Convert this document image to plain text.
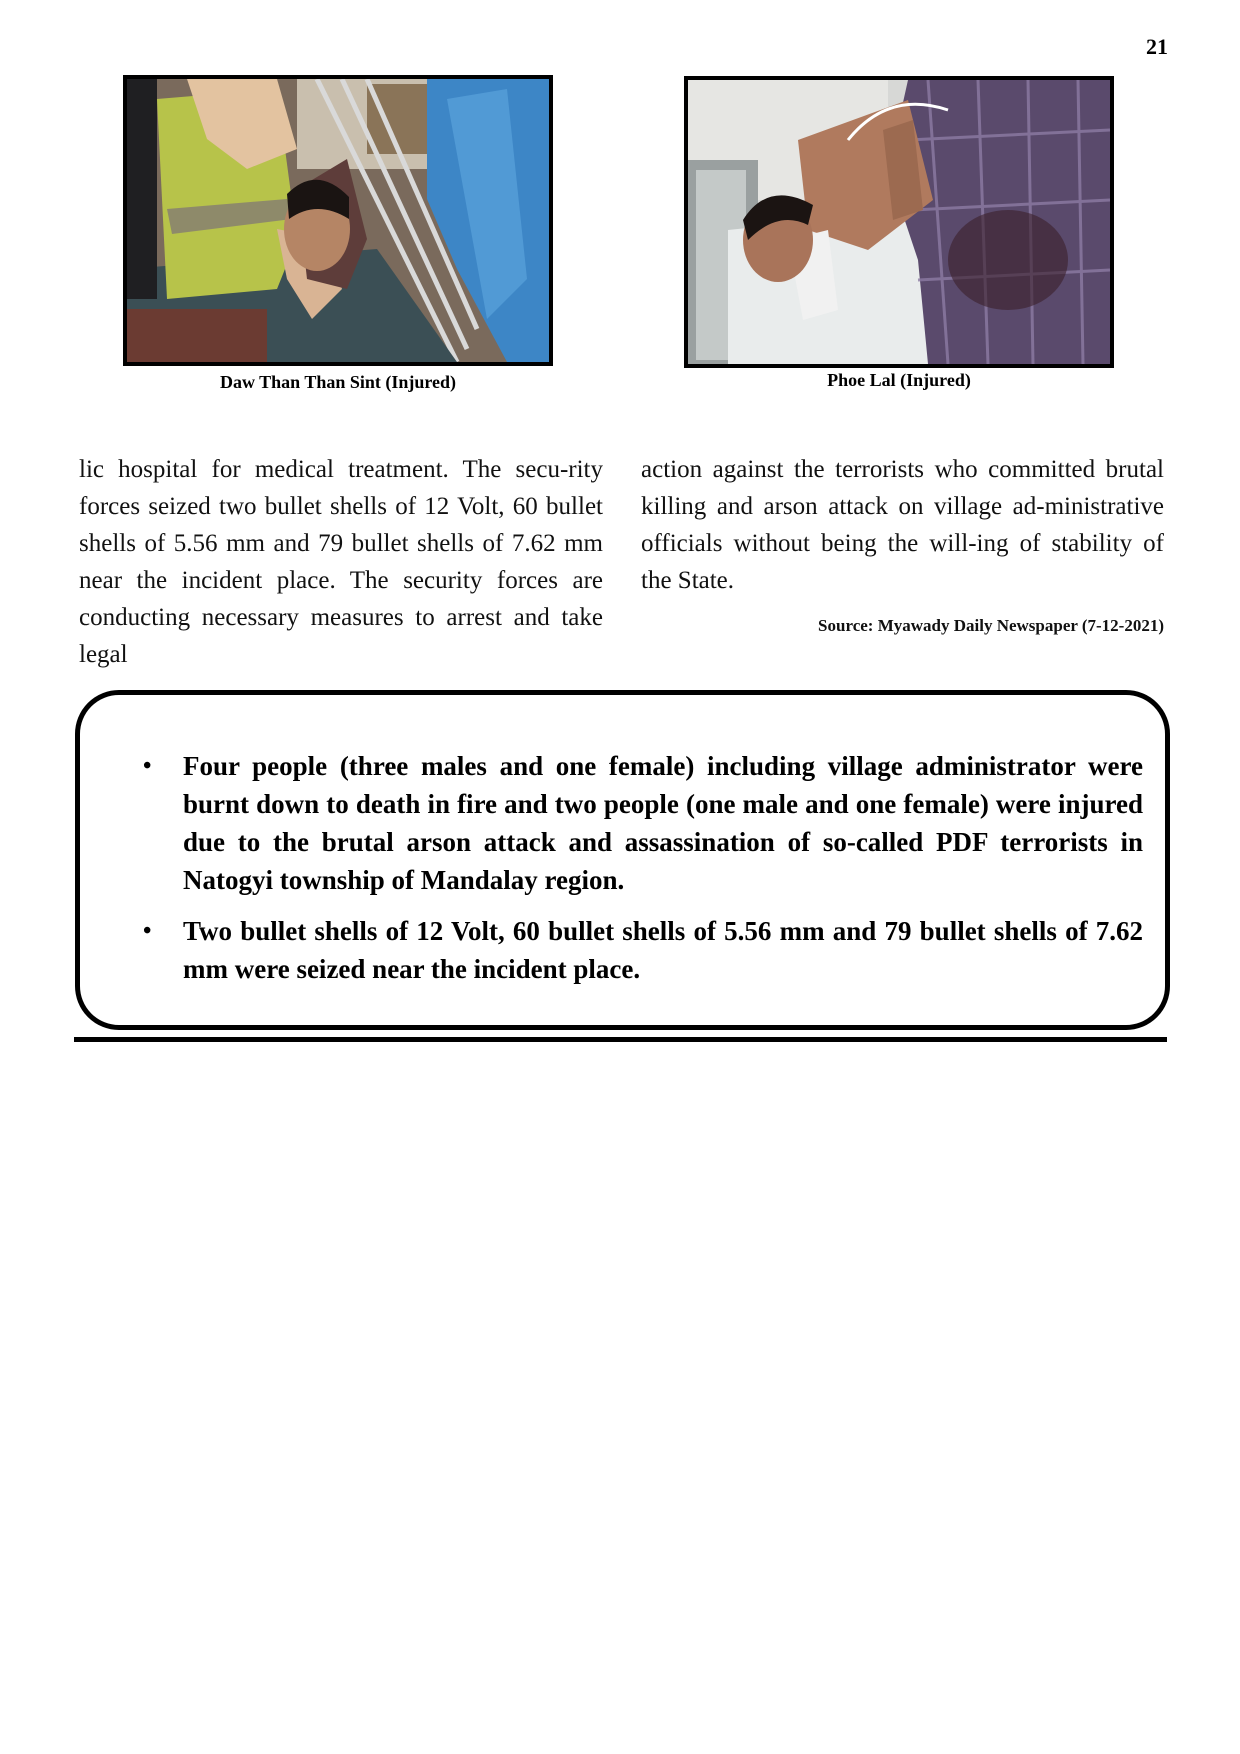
21
Daw Than Than Sint (Injured)	Phoe Lal (Injured)

lic hospital for medical treatment. The secu-rity forces seized two bullet shells of 12 Volt, 60 bullet shells of 5.56 mm and 79 bullet shells of 7.62 mm near the incident place. The security forces are conducting necessary measures to arrest and take legal

action against the terrorists who committed brutal killing and arson attack on village ad-ministrative officials without being the will-ing of stability of the State.

Source: Myawady Daily Newspaper (7-12-2021)

• Four people (three males and one female) including village administrator were burnt down to death in fire and two people (one male and one female) were injured due to the brutal arson attack and assassination of so-called PDF terrorists in Natogyi township of Mandalay region.
• Two bullet shells of 12 Volt, 60 bullet shells of 5.56 mm and 79 bullet shells of 7.62 mm were seized near the incident place.
